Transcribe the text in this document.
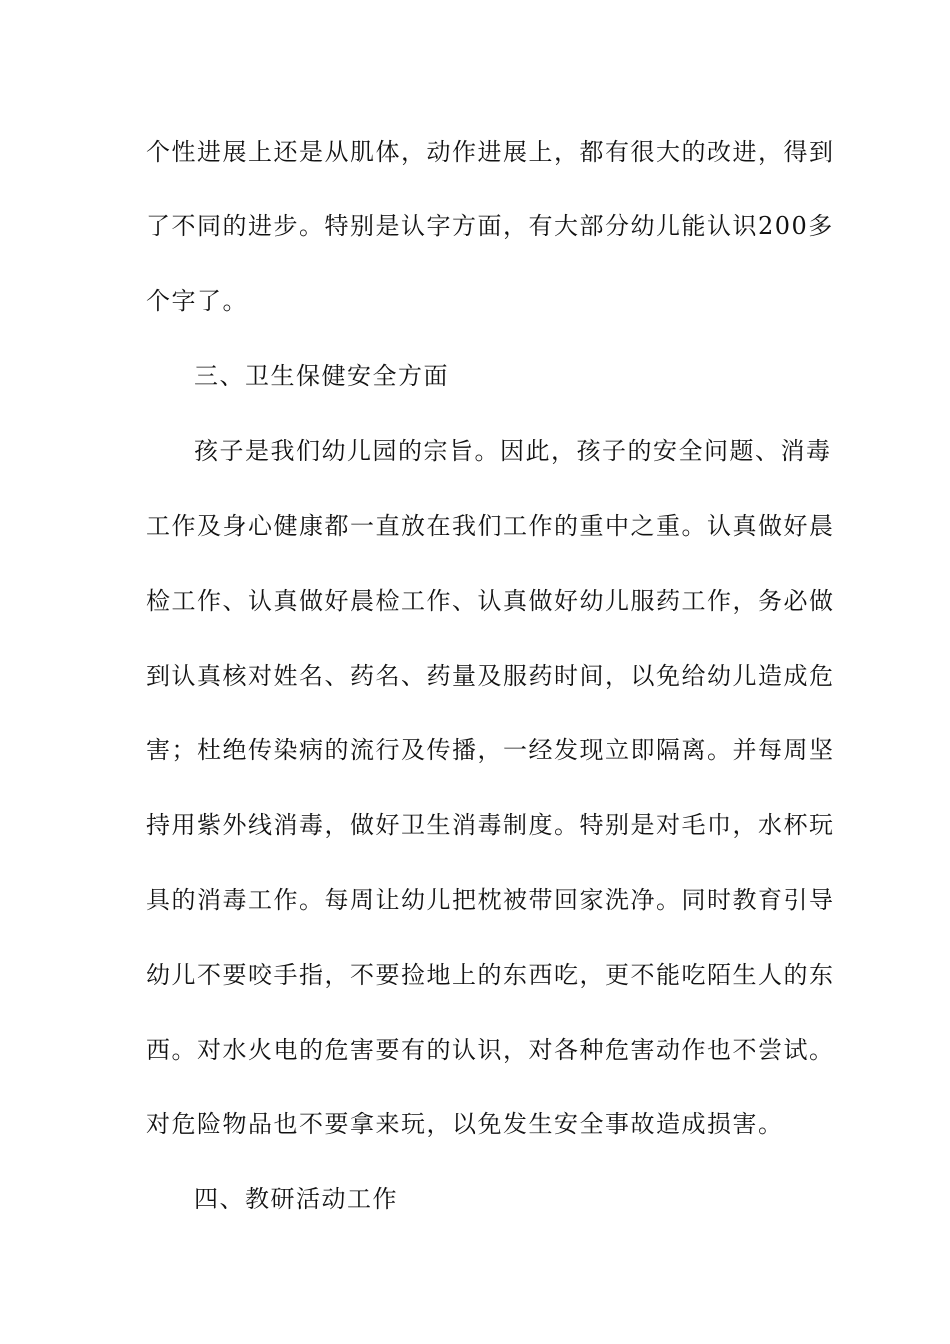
个性进展上还是从肌体，动作进展上，都有很大的改进，得到
了不同的进步。特别是认字方面，有大部分幼儿能认识200多
个字了。
三、卫生保健安全方面
孩子是我们幼儿园的宗旨。因此，孩子的安全问题、消毒
工作及身心健康都一直放在我们工作的重中之重。认真做好晨
检工作、认真做好晨检工作、认真做好幼儿服药工作，务必做
到认真核对姓名、药名、药量及服药时间，以免给幼儿造成危
害；杜绝传染病的流行及传播，一经发现立即隔离。并每周坚
持用紫外线消毒，做好卫生消毒制度。特别是对毛巾，水杯玩
具的消毒工作。每周让幼儿把枕被带回家洗净。同时教育引导
幼儿不要咬手指，不要捡地上的东西吃，更不能吃陌生人的东
西。对水火电的危害要有的认识，对各种危害动作也不尝试。
对危险物品也不要拿来玩，以免发生安全事故造成损害。
四、教研活动工作
